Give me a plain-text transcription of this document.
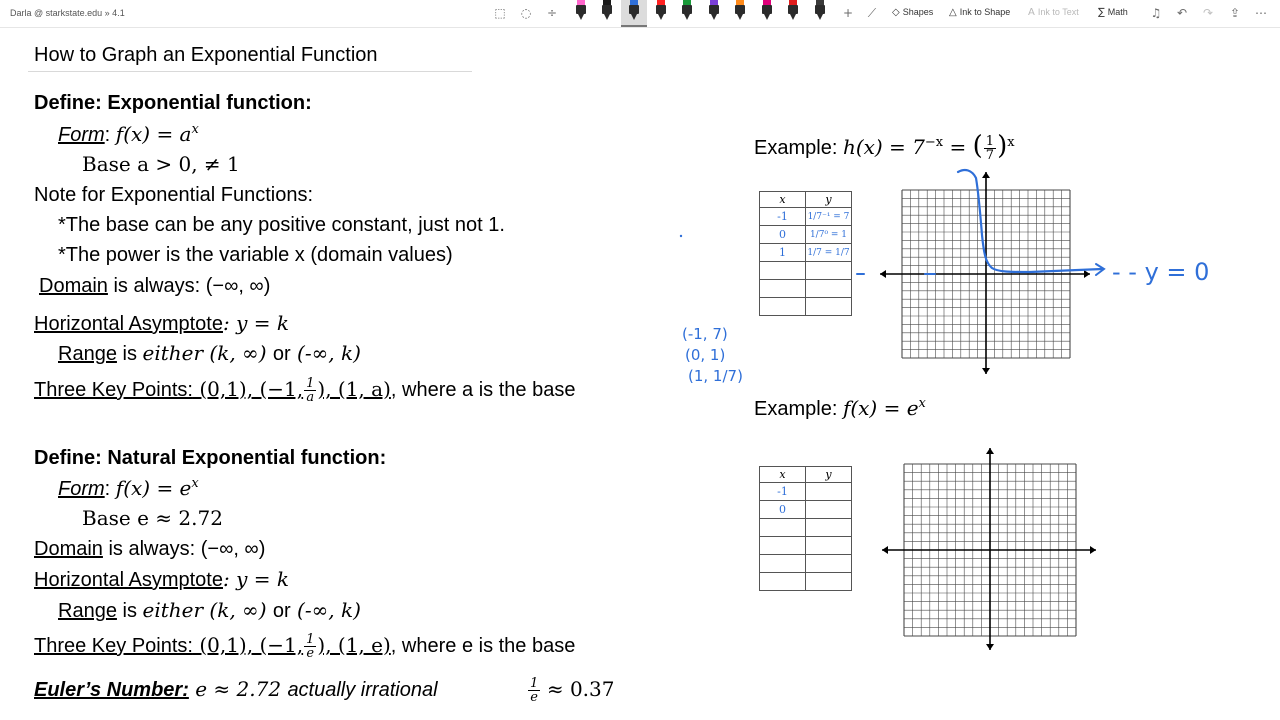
Darla @ starkstate.edu » 4.1	⬚ ◌ ÷	+	⟋	◇ Shapes △ Ink to Shape A Ink to Text ∑ Math ♫ ↶ ↷ ⇪ ⋯
How to Graph an Exponential Function
Define: Exponential function:
Form: $f(x) = a^x$
Base a > 0, ≠ 1
Note for Exponential Functions:
*The base can be any positive constant, just not 1.
*The power is the variable x (domain values)
Domain is always: (−∞, ∞)
Horizontal Asymptote: y = k
Range is either (k, ∞) or (-∞, k)
Three Key Points: (0,1), (−1, $\frac{1}{a}$ ), (1, a), where a is the base
Define: Natural Exponential function:
Form: $f(x) = e^x$
Base e ≈ 2.72
Domain is always: (−∞, ∞)
Horizontal Asymptote: y = k
Range is either (k, ∞) or (-∞, k)
Three Key Points: (0,1), (−1, $\frac{1}{e}$ ), (1, e), where e is the base
Euler’s Number: e ≈ 2.72 actually irrational	$\frac{1}{e} \approx 0.37$
Example: $h(x) = 7^{-x}$ = ( $\frac{1}{7} )^x$
x	y
-1	1/7⁻¹ = 7
0	1/7⁰ = 1
1	1/7 = 1/7

Example: $f(x) = e^x$
x	y
-1	
0	

- - y = 0
(-1, 7)
(0, 1)
(1, 1/7)
